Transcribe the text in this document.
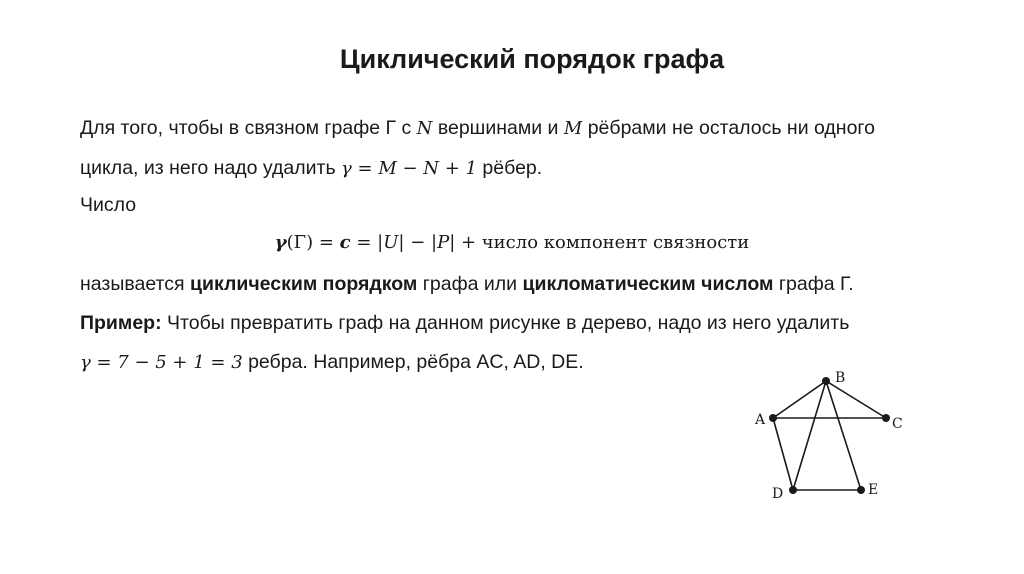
Циклический порядок графа
Для того, чтобы в связном графе Г с N вершинами и M рёбрами не осталось ни одного
цикла, из него надо удалить γ = M − N + 1 рёбер.
Число
γ(Γ) = c = |U| − |P| + число компонент связности
называется циклическим порядком графа или цикломатическим числом графа Г.
Пример: Чтобы превратить граф на данном рисунке в дерево, надо из него удалить
γ = 7 − 5 + 1 = 3 ребра. Например, рёбра AC, AD, DE.
A
B
C
D	E
